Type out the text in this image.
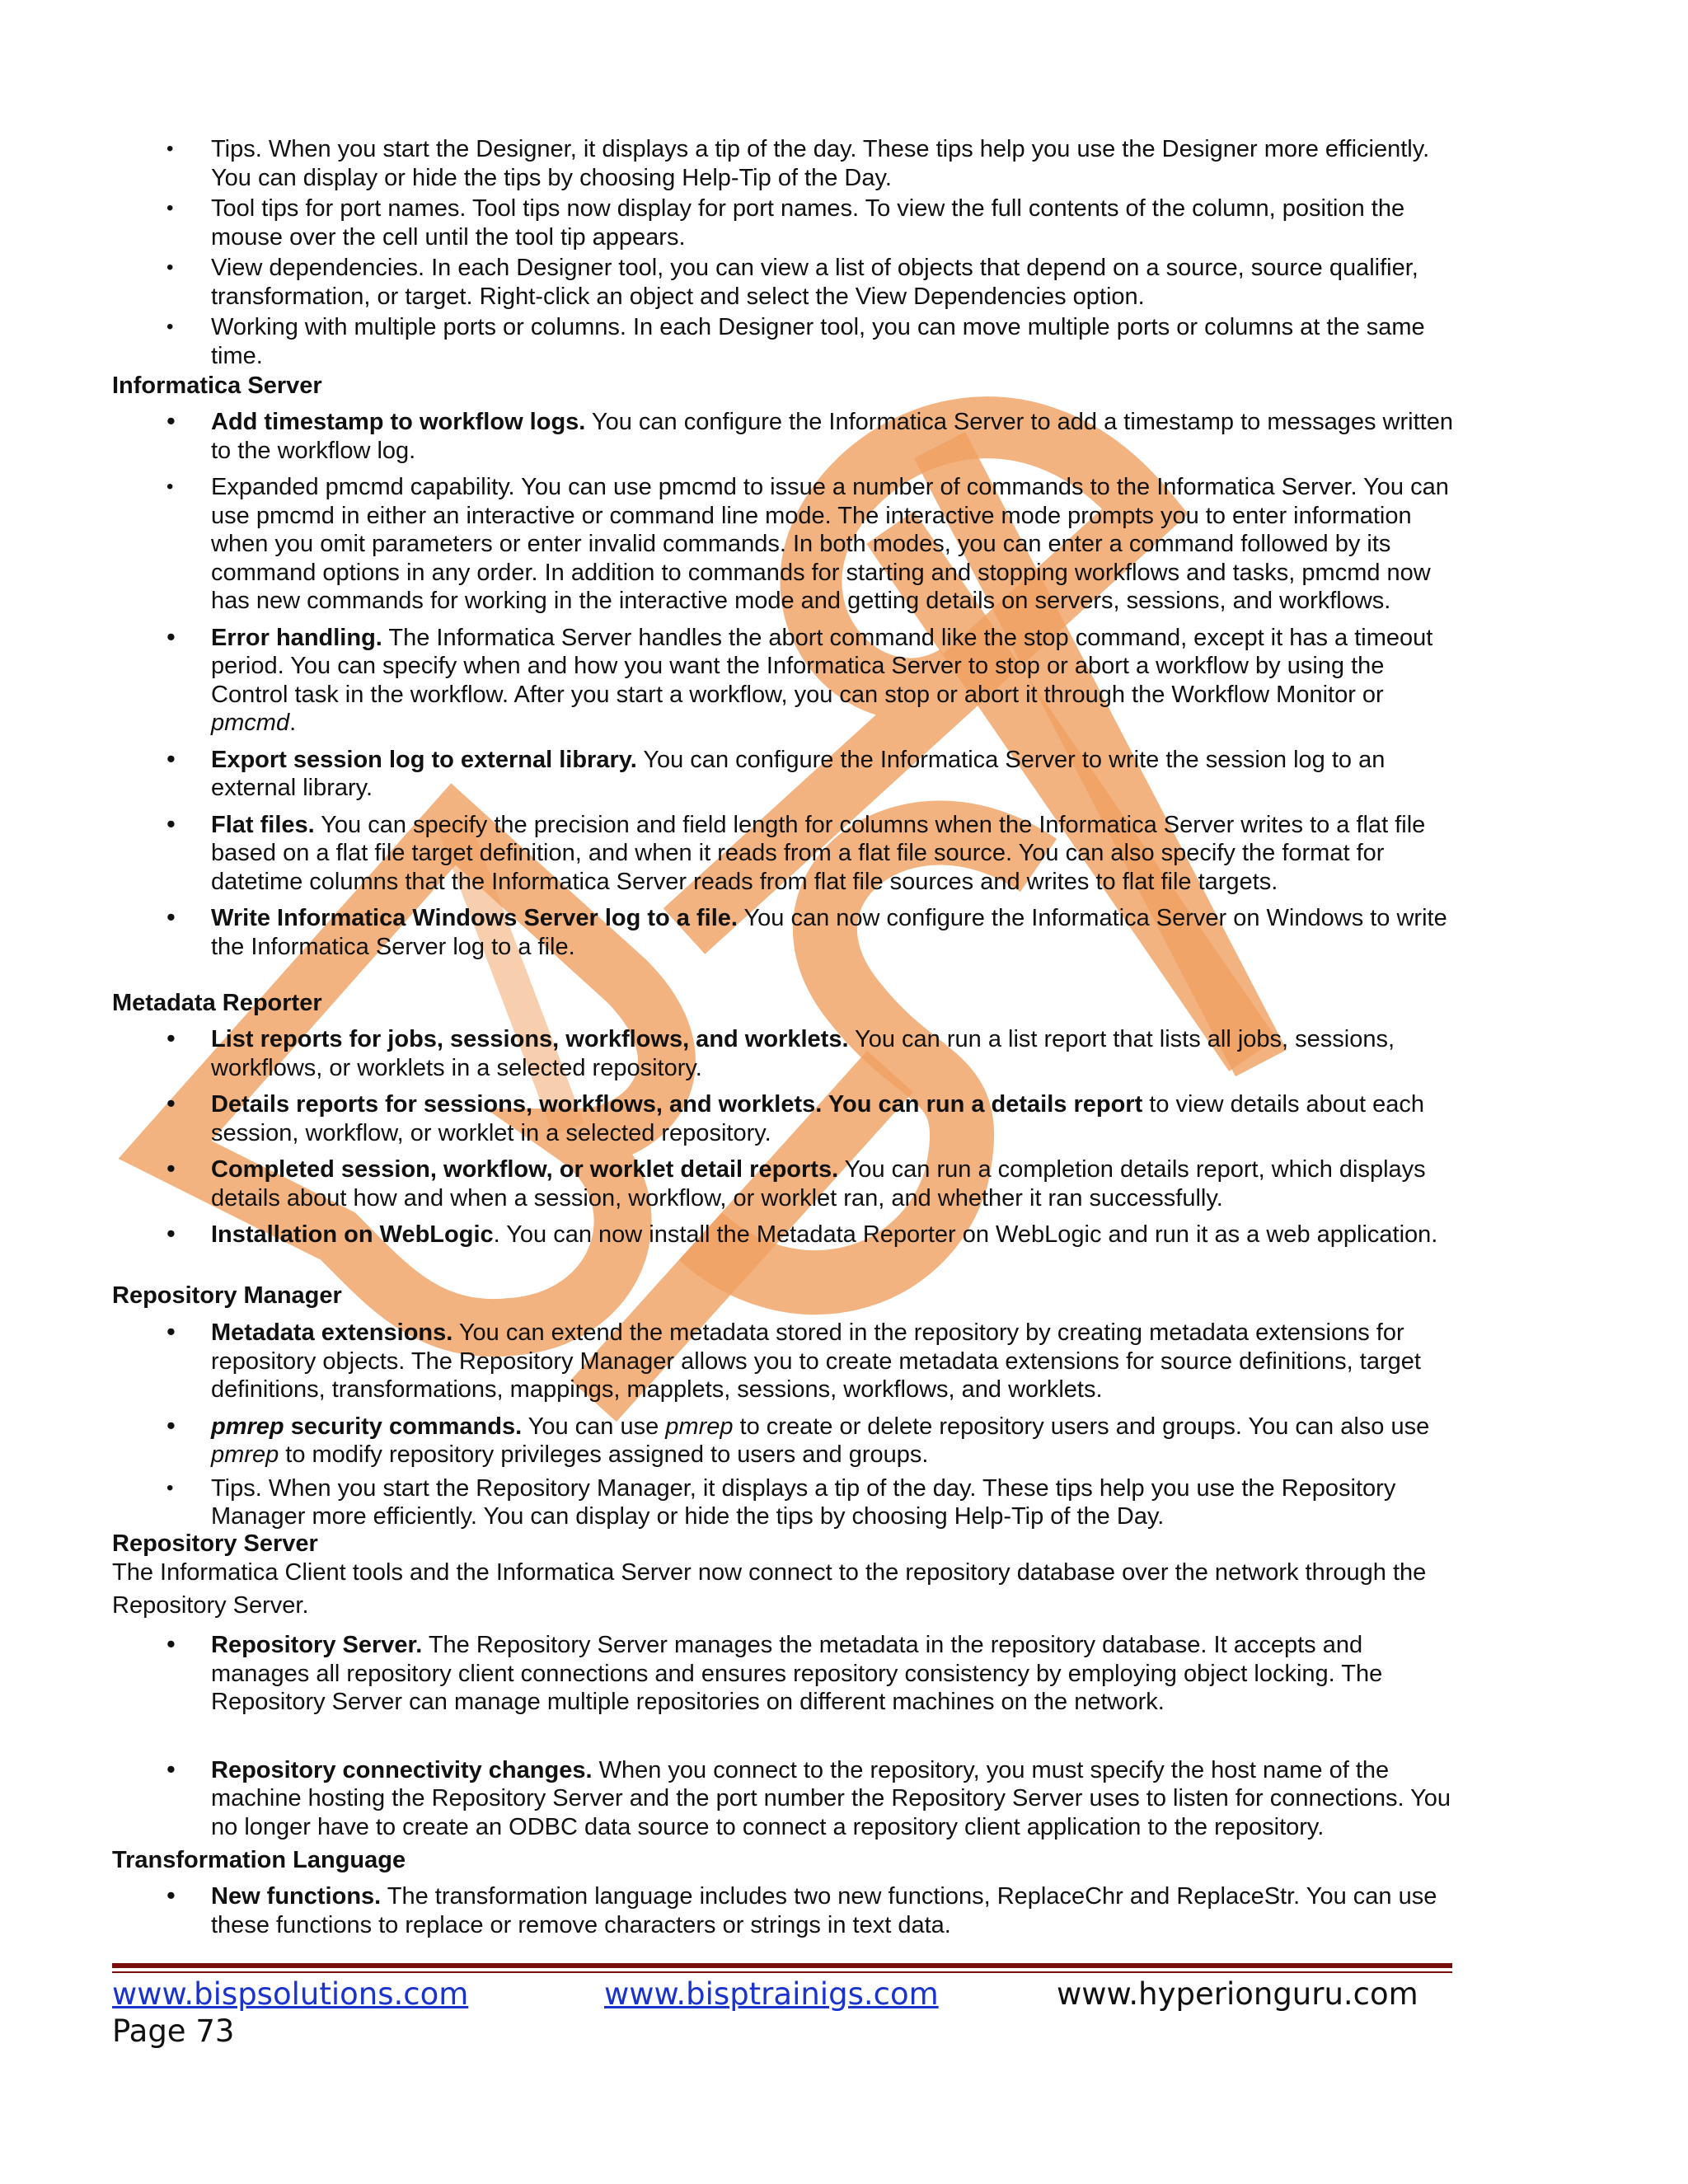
• Tips. When you start the Designer, it displays a tip of the day. These tips help you use the Designer more efficiently. You can display or hide the tips by choosing Help-Tip of the Day.
• Tool tips for port names. Tool tips now display for port names. To view the full contents of the column, position the mouse over the cell until the tool tip appears.
• View dependencies. In each Designer tool, you can view a list of objects that depend on a source, source qualifier, transformation, or target. Right-click an object and select the View Dependencies option.
• Working with multiple ports or columns. In each Designer tool, you can move multiple ports or columns at the same time.
Informatica Server
• Add timestamp to workflow logs. You can configure the Informatica Server to add a timestamp to messages written to the workflow log.
• Expanded pmcmd capability. You can use pmcmd to issue a number of commands to the Informatica Server. You can use pmcmd in either an interactive or command line mode. The interactive mode prompts you to enter information when you omit parameters or enter invalid commands. In both modes, you can enter a command followed by its command options in any order. In addition to commands for starting and stopping workflows and tasks, pmcmd now has new commands for working in the interactive mode and getting details on servers, sessions, and workflows.
• Error handling. The Informatica Server handles the abort command like the stop command, except it has a timeout period. You can specify when and how you want the Informatica Server to stop or abort a workflow by using the Control task in the workflow. After you start a workflow, you can stop or abort it through the Workflow Monitor or pmcmd.
• Export session log to external library. You can configure the Informatica Server to write the session log to an external library.
• Flat files. You can specify the precision and field length for columns when the Informatica Server writes to a flat file based on a flat file target definition, and when it reads from a flat file source. You can also specify the format for datetime columns that the Informatica Server reads from flat file sources and writes to flat file targets.
• Write Informatica Windows Server log to a file. You can now configure the Informatica Server on Windows to write the Informatica Server log to a file.
Metadata Reporter
• List reports for jobs, sessions, workflows, and worklets. You can run a list report that lists all jobs, sessions, workflows, or worklets in a selected repository.
• Details reports for sessions, workflows, and worklets. You can run a details report to view details about each session, workflow, or worklet in a selected repository.
• Completed session, workflow, or worklet detail reports. You can run a completion details report, which displays details about how and when a session, workflow, or worklet ran, and whether it ran successfully.
• Installation on WebLogic. You can now install the Metadata Reporter on WebLogic and run it as a web application.
Repository Manager
• Metadata extensions. You can extend the metadata stored in the repository by creating metadata extensions for repository objects. The Repository Manager allows you to create metadata extensions for source definitions, target definitions, transformations, mappings, mapplets, sessions, workflows, and worklets.
• pmrep security commands. You can use pmrep to create or delete repository users and groups. You can also use pmrep to modify repository privileges assigned to users and groups.
• Tips. When you start the Repository Manager, it displays a tip of the day. These tips help you use the Repository Manager more efficiently. You can display or hide the tips by choosing Help-Tip of the Day.
Repository Server
The Informatica Client tools and the Informatica Server now connect to the repository database over the network through the Repository Server.
• Repository Server. The Repository Server manages the metadata in the repository database. It accepts and manages all repository client connections and ensures repository consistency by employing object locking. The Repository Server can manage multiple repositories on different machines on the network.
• Repository connectivity changes. When you connect to the repository, you must specify the host name of the machine hosting the Repository Server and the port number the Repository Server uses to listen for connections. You no longer have to create an ODBC data source to connect a repository client application to the repository.
Transformation Language
• New functions. The transformation language includes two new functions, ReplaceChr and ReplaceStr. You can use these functions to replace or remove characters or strings in text data.
www.bispsolutions.com	www.bisptrainigs.com	www.hyperionguru.com
Page 73
